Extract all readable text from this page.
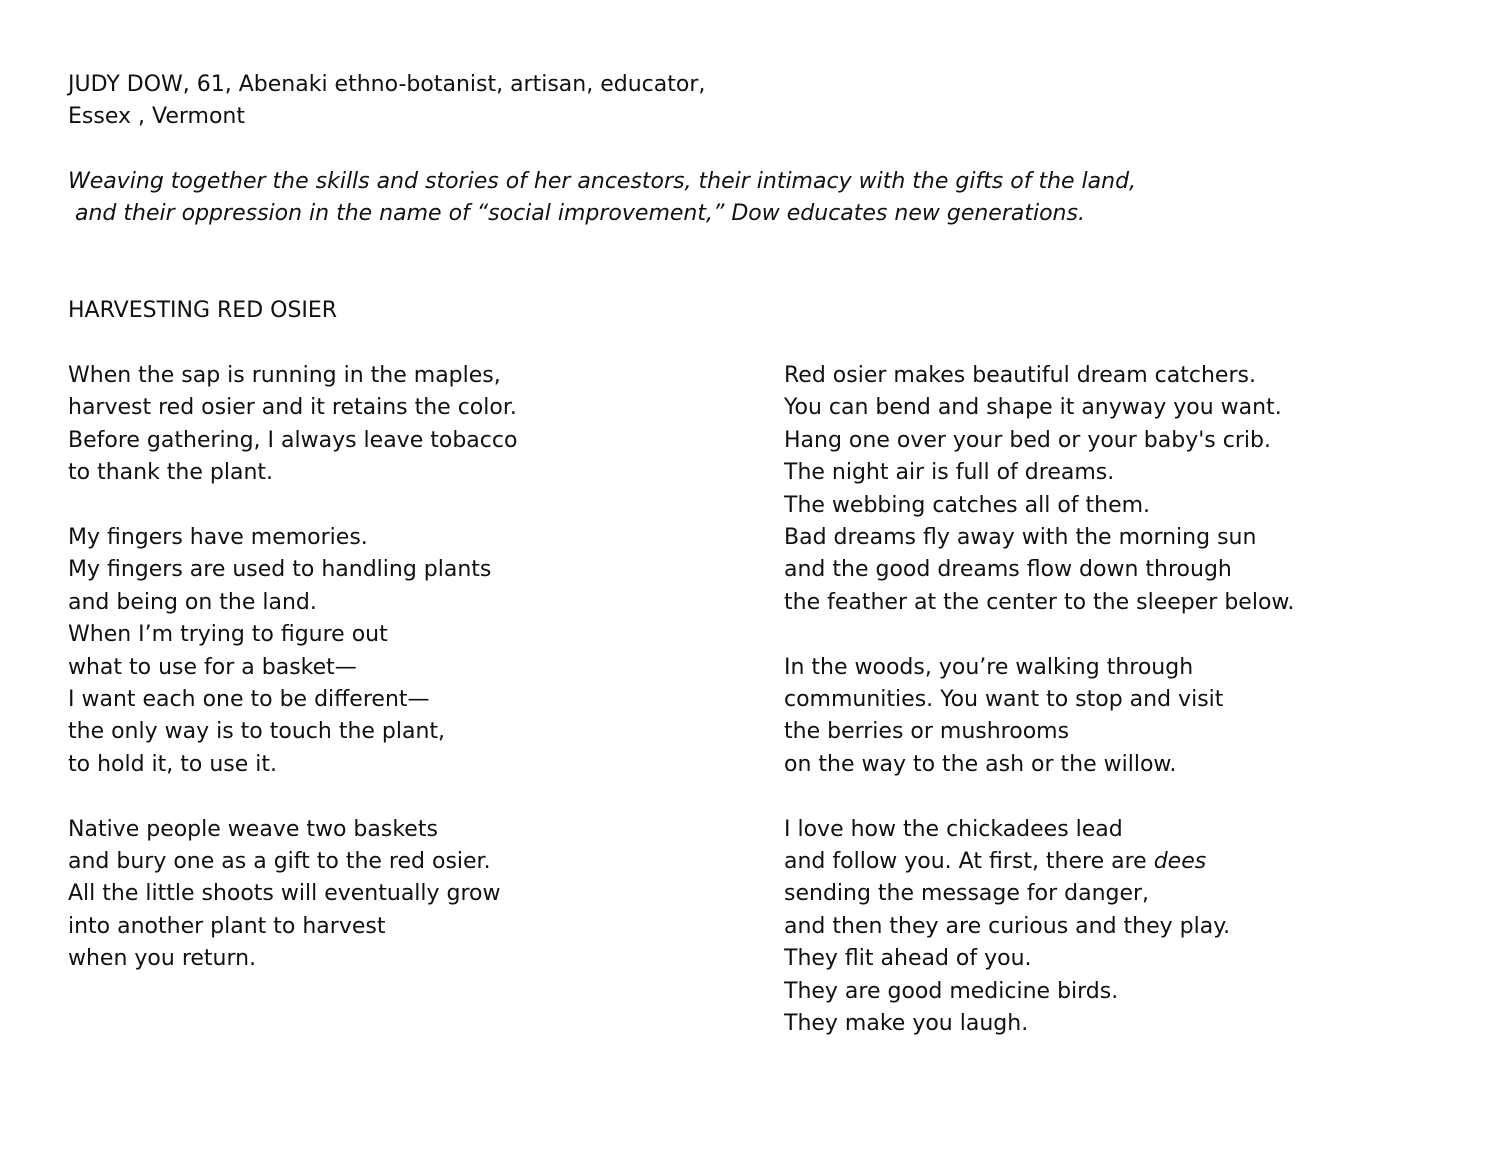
JUDY DOW, 61, Abenaki ethno-botanist, artisan, educator,
Essex , Vermont
Weaving together the skills and stories of her ancestors, their intimacy with the gifts of the land,
and their oppression in the name of “social improvement,” Dow educates new generations.
HARVESTING RED OSIER
When the sap is running in the maples,
harvest red osier and it retains the color.
Before gathering, I always leave tobacco
to thank the plant.
My fingers have memories.
My fingers are used to handling plants
and being on the land.
When I’m trying to figure out
what to use for a basket—
I want each one to be different—
the only way is to touch the plant,
to hold it, to use it.
Native people weave two baskets
and bury one as a gift to the red osier.
All the little shoots will eventually grow
into another plant to harvest
when you return.
Red osier makes beautiful dream catchers.
You can bend and shape it anyway you want.
Hang one over your bed or your baby's crib.
The night air is full of dreams.
The webbing catches all of them.
Bad dreams fly away with the morning sun
and the good dreams flow down through
the feather at the center to the sleeper below.
In the woods, you’re walking through
communities. You want to stop and visit
the berries or mushrooms
on the way to the ash or the willow.
I love how the chickadees lead
and follow you. At first, there are dees
sending the message for danger,
and then they are curious and they play.
They flit ahead of you.
They are good medicine birds.
They make you laugh.
